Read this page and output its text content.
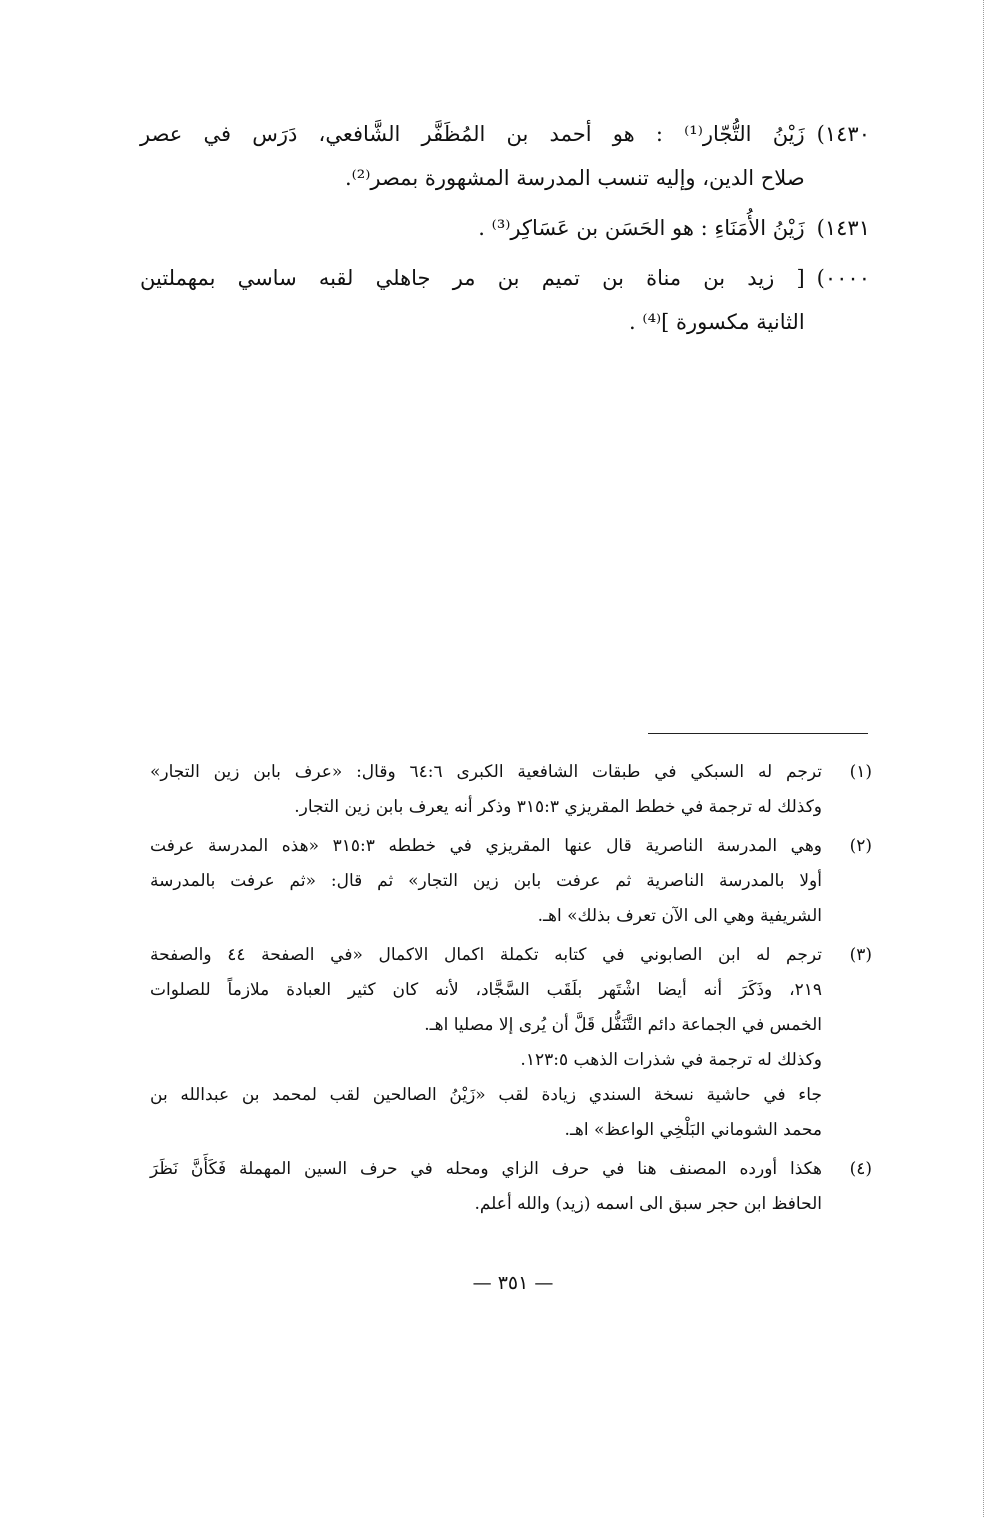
١٤٣٠)
زَيْنُ التُّجّار⁽¹⁾ : هو أحمد بن المُظَفَّر الشَّافعي، دَرَس في عصر
صلاح الدين، وإليه تنسب المدرسة المشهورة بمصر⁽²⁾.
١٤٣١)
زَيْنُ الأُمَنَاءِ : هو الحَسَن بن عَسَاكِر⁽³⁾ .
٠٠٠٠)
[ زيد بن مناة بن تميم بن مر جاهلي لقبه ساسي بمهملتين
الثانية مكسورة ]⁽⁴⁾ .
(١)
ترجم له السبكي في طبقات الشافعية الكبرى ٦٤:٦ وقال: «عرف بابن زين التجار»
وكذلك له ترجمة في خطط المقريزي ٣١٥:٣ وذكر أنه يعرف بابن زين التجار.
(٢)
وهي المدرسة الناصرية قال عنها المقريزي في خططه ٣١٥:٣ «هذه المدرسة عرفت
أولا بالمدرسة الناصرية ثم عرفت بابن زين التجار» ثم قال: «ثم عرفت بالمدرسة
الشريفية وهي الى الآن تعرف بذلك» اهـ.
(٣)
ترجم له ابن الصابوني في كتابه تكملة اكمال الاكمال «في الصفحة ٤٤ والصفحة
٢١٩، وذَكَرَ أنه أيضا اشْتَهر بلَقَب السَّجَّاد، لأنه كان كثير العبادة ملازماً للصلوات
الخمس في الجماعة دائم التَّنَفُّل قَلَّ أن يُرى إلا مصليا اهـ.
وكذلك له ترجمة في شذرات الذهب ١٢٣:٥.
جاء في حاشية نسخة السندي زيادة لقب «زَيْنُ الصالحين لقب لمحمد بن عبدالله بن
محمد الشوماني البَلْخِي الواعظ» اهـ.
(٤)
هكذا أورده المصنف هنا في حرف الزاي ومحله في حرف السين المهملة فَكَأَنَّ نَظَرَ
الحافظ ابن حجر سبق الى اسمه (زيد) والله أعلم.
— ٣٥١ —
